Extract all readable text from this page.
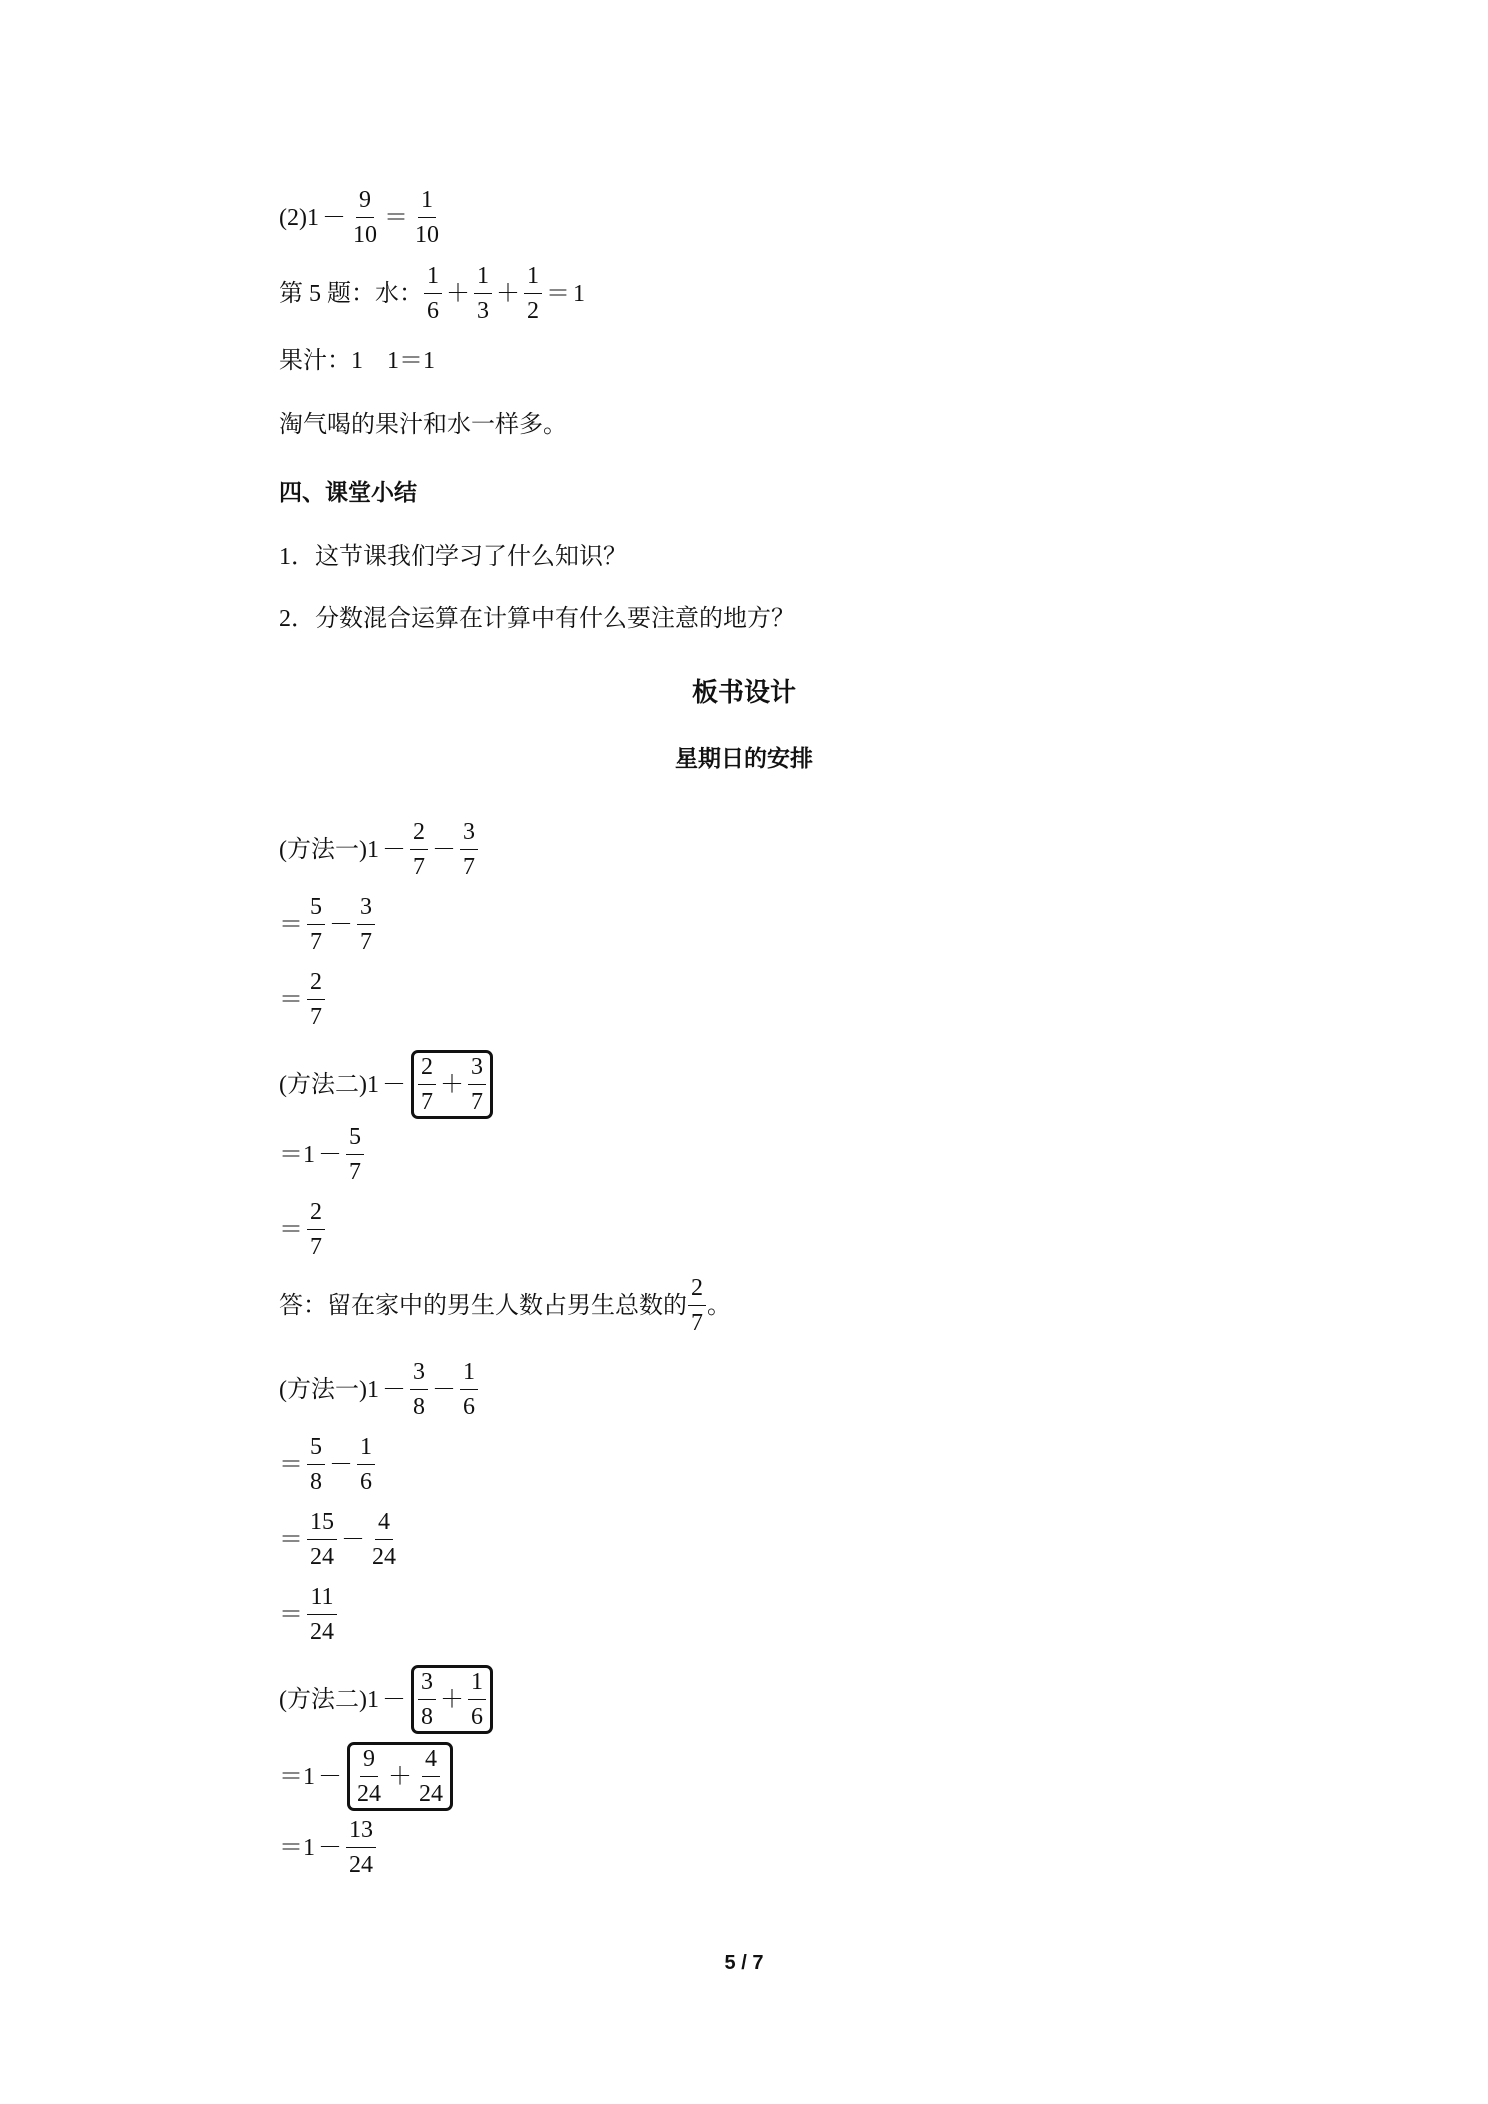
$(2)1 - \frac{9}{10} = \frac{1}{10}$
第 5 题：水： $\frac{1}{6} + \frac{1}{3} + \frac{1}{2} = 1$
果汁：1　1＝1
淘气喝的果汁和水一样多。
四、课堂小结
1．这节课我们学习了什么知识？
2．分数混合运算在计算中有什么要注意的地方？
板书设计
星期日的安排
(方法一)$1 - \frac{2}{7} - \frac{3}{7}$
＝ $\frac{5}{7} - \frac{3}{7}$
＝ $\frac{2}{7}$
(方法二)$1 - \frac{2}{7} + \frac{3}{7}$
$=1 - \frac{5}{7}$
＝ $\frac{2}{7}$
答：留在家中的男生人数占男生总数的 $\frac{2}{7}$ 。
(方法一)$1 - \frac{3}{8} - \frac{1}{6}$
＝ $\frac{5}{8} - \frac{1}{6}$
＝ $\frac{15}{24} - \frac{4}{24}$
＝ $\frac{11}{24}$
(方法二)$1 - \frac{3}{8} + \frac{1}{6}$
$=1 - \frac{9}{24} + \frac{4}{24}$
$=1 - \frac{13}{24}$
5 / 7
